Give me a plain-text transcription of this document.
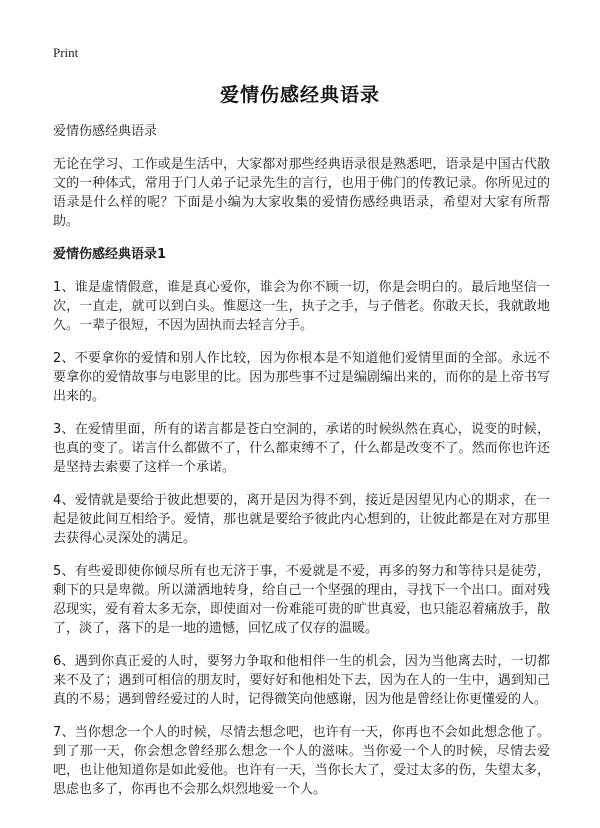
Print
爱情伤感经典语录

爱情伤感经典语录

无论在学习、工作或是生活中，大家都对那些经典语录很是熟悉吧，语录是中国古代散文的一种体式，常用于门人弟子记录先生的言行，也用于佛门的传教记录。你所见过的语录是什么样的呢？下面是小编为大家收集的爱情伤感经典语录，希望对大家有所帮助。

爱情伤感经典语录1

1、谁是虚情假意，谁是真心爱你，谁会为你不顾一切，你是会明白的。最后地坚信一次，一直走，就可以到白头。惟愿这一生，执子之手，与子偕老。你敢天长，我就敢地久。一辈子很短，不因为固执而去轻言分手。

2、不要拿你的爱情和别人作比较，因为你根本是不知道他们爱情里面的全部。永远不要拿你的爱情故事与电影里的比。因为那些事不过是编剧编出来的，而你的是上帝书写出来的。

3、在爱情里面，所有的诺言都是苍白空洞的，承诺的时候纵然在真心，说变的时候，也真的变了。诺言什么都做不了，什么都束缚不了，什么都是改变不了。然而你也许还是坚持去索要了这样一个承诺。

4、爱情就是要给于彼此想要的，离开是因为得不到，接近是因望见内心的期求，在一起是彼此间互相给予。爱情，那也就是要给予彼此内心想到的，让彼此都是在对方那里去获得心灵深处的满足。

5、有些爱即使你倾尽所有也无济于事，不爱就是不爱，再多的努力和等待只是徒劳，剩下的只是卑微。所以潇洒地转身，给自己一个坚强的理由，寻找下一个出口。面对残忍现实，爱有着太多无奈，即使面对一份难能可贵的旷世真爱，也只能忍着痛放手，散了，淡了，落下的是一地的遗憾，回忆成了仅存的温暖。

6、遇到你真正爱的人时，要努力争取和他相伴一生的机会，因为当他离去时，一切都来不及了；遇到可相信的朋友时，要好好和他相处下去，因为在人的一生中，遇到知己真的不易；遇到曾经爱过的人时，记得微笑向他感谢，因为他是曾经让你更懂爱的人。

7、当你想念一个人的时候，尽情去想念吧，也许有一天，你再也不会如此想念他了。到了那一天，你会想念曾经那么想念一个人的滋味。当你爱一个人的时候，尽情去爱吧，也让他知道你是如此爱他。也许有一天，当你长大了，受过太多的伤，失望太多，思虑也多了，你再也不会那么炽烈地爱一个人。
